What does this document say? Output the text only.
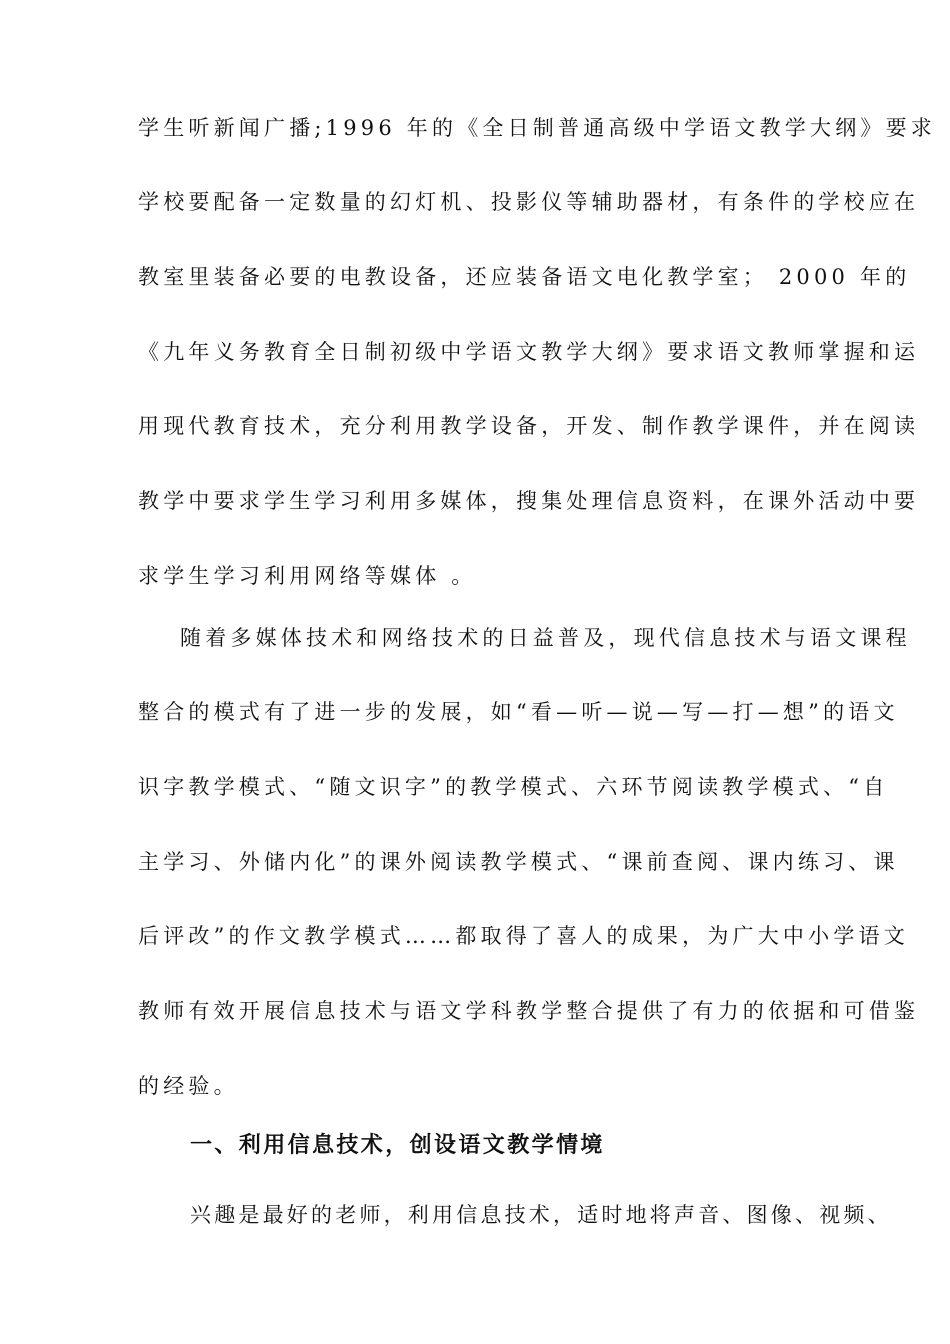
学生听新闻广播;1996 年的《全日制普通高级中学语文教学大纲》要求
学校要配备一定数量的幻灯机、投影仪等辅助器材，有条件的学校应在
教室里装备必要的电教设备，还应装备语文电化教学室； 2000 年的
《九年义务教育全日制初级中学语文教学大纲》要求语文教师掌握和运
用现代教育技术，充分利用教学设备，开发、制作教学课件，并在阅读
教学中要求学生学习利用多媒体，搜集处理信息资料，在课外活动中要
求学生学习利用网络等媒体 。
随着多媒体技术和网络技术的日益普及，现代信息技术与语文课程
整合的模式有了进一步的发展，如“看—听—说—写—打—想”的语文
识字教学模式、“随文识字”的教学模式、六环节阅读教学模式、“自
主学习、外储内化”的课外阅读教学模式、“课前查阅、课内练习、课
后评改”的作文教学模式……都取得了喜人的成果，为广大中小学语文
教师有效开展信息技术与语文学科教学整合提供了有力的依据和可借鉴
的经验。
一、利用信息技术，创设语文教学情境
兴趣是最好的老师，利用信息技术，适时地将声音、图像、视频、
